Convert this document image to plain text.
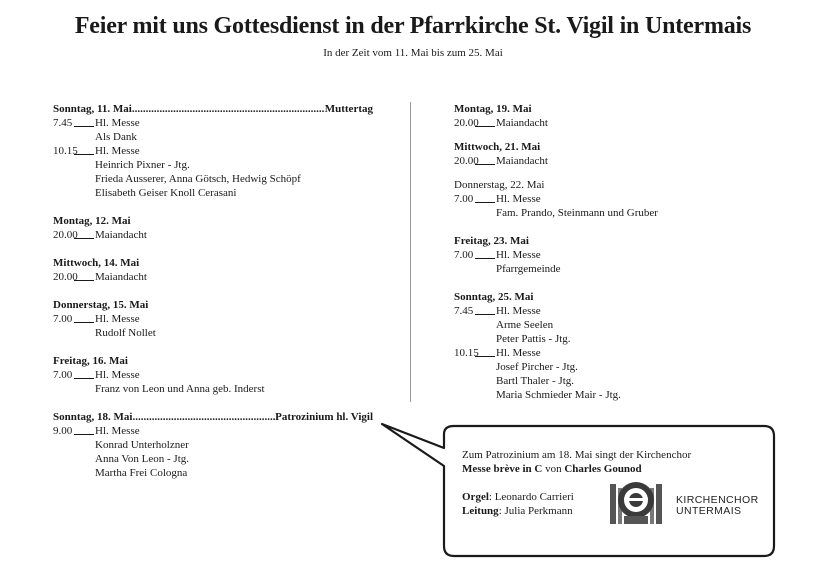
Feier mit uns Gottesdienst in der Pfarrkirche St. Vigil in Untermais
In der Zeit vom 11. Mai bis zum 25. Mai
Sonntag, 11. Mai .....	Muttertag
7.45 Hl. Messe
Als Dank
10.15 Hl. Messe
Heinrich Pixner - Jtg.
Frieda Ausserer, Anna Götsch, Hedwig Schöpf
Elisabeth Geiser Knoll Cerasani
Montag, 12. Mai
20.00 Maiandacht
Mittwoch, 14. Mai
20.00 Maiandacht
Donnerstag, 15. Mai
7.00 Hl. Messe
Rudolf Nollet
Freitag, 16. Mai
7.00 Hl. Messe
Franz von Leon und Anna geb. Inderst
Sonntag, 18. Mai .....	Patrozinium hl. Vigil
9.00 Hl. Messe
Konrad Unterholzner
Anna Von Leon - Jtg.
Martha Frei Cologna
Montag, 19. Mai
20.00 Maiandacht
Mittwoch, 21. Mai
20.00 Maiandacht
Donnerstag, 22. Mai
7.00 Hl. Messe
Fam. Prando, Steinmann und Gruber
Freitag, 23. Mai
7.00 Hl. Messe
Pfarrgemeinde
Sonntag, 25. Mai
7.45 Hl. Messe
Arme Seelen
Peter Pattis - Jtg.
10.15 Hl. Messe
Josef Pircher - Jtg.
Bartl Thaler - Jtg.
Maria Schmieder Mair - Jtg.
Zum Patrozinium am 18. Mai singt der Kirchenchor
Messe brève in C von Charles Gounod
Orgel: Leonardo Carrieri
Leitung: Julia Perkmann
KIRCHENCHOR
UNTERMAIS
